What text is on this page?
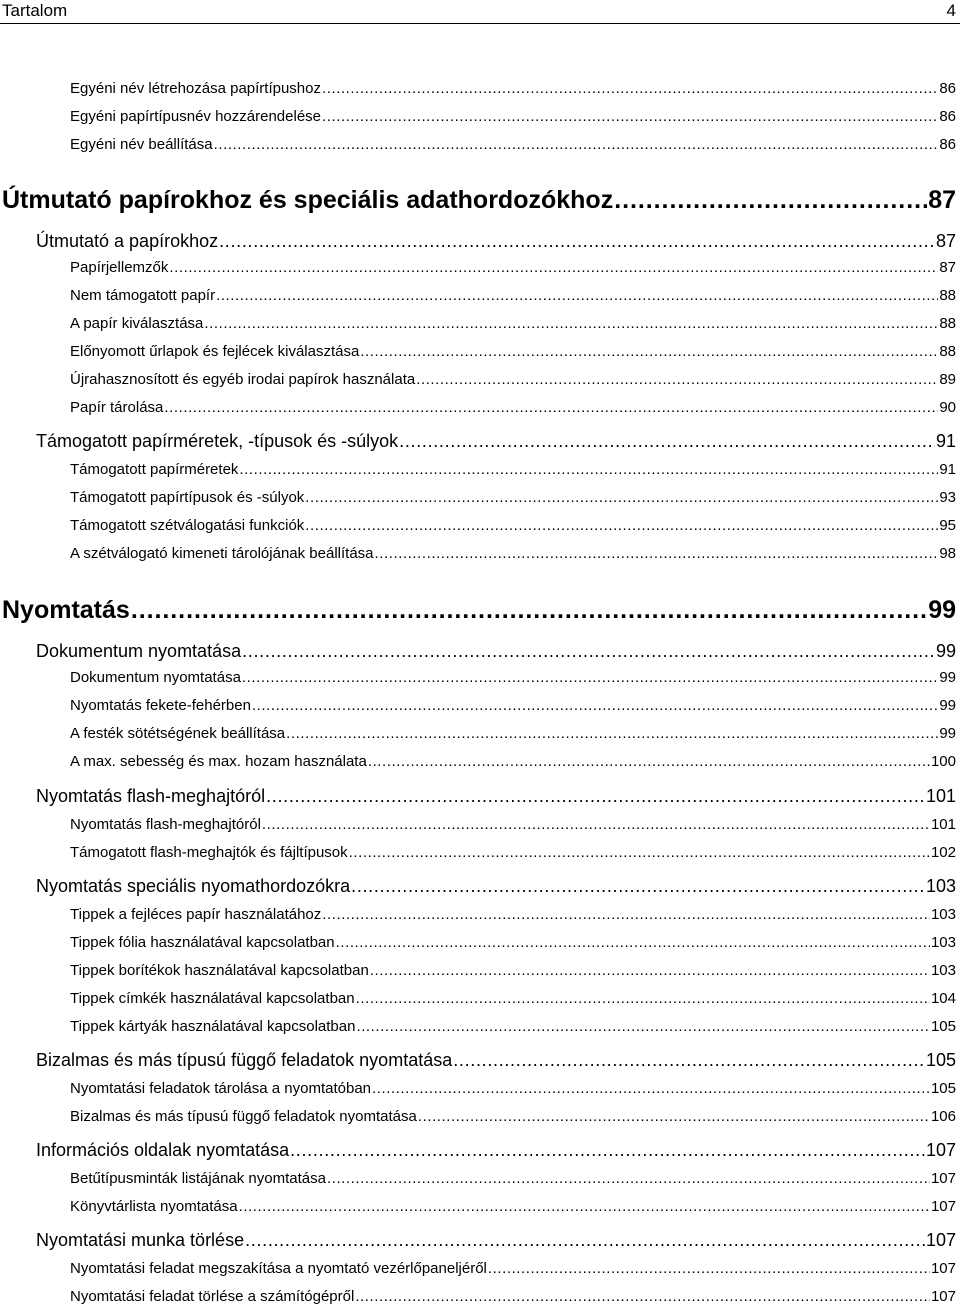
Tartalom	4
Egyéni név létrehozása papírtípushoz . . .	86
Egyéni papírtípusnév hozzárendelése . . .	86
Egyéni név beállítása . . .	86
Útmutató papírokhoz és speciális adathordozókhoz . . .	87
Útmutató a papírokhoz . . .	87
Papírjellemzők . . .	87
Nem támogatott papír . . .	88
A papír kiválasztása . . .	88
Előnyomott űrlapok és fejlécek kiválasztása . . .	88
Újrahasznosított és egyéb irodai papírok használata . . .	89
Papír tárolása . . .	90
Támogatott papírméretek, -típusok és -súlyok . . .	91
Támogatott papírméretek . . .	91
Támogatott papírtípusok és -súlyok . . .	93
Támogatott szétválogatási funkciók . . .	95
A szétválogató kimeneti tárolójának beállítása . . .	98
Nyomtatás . . .	99
Dokumentum nyomtatása . . .	99
Dokumentum nyomtatása . . .	99
Nyomtatás fekete-fehérben . . .	99
A festék sötétségének beállítása . . .	99
A max. sebesség és max. hozam használata . . .	100
Nyomtatás flash-meghajtóról . . .	101
Nyomtatás flash-meghajtóról . . .	101
Támogatott flash-meghajtók és fájltípusok . . .	102
Nyomtatás speciális nyomathordozókra . . .	103
Tippek a fejléces papír használatához . . .	103
Tippek fólia használatával kapcsolatban . . .	103
Tippek borítékok használatával kapcsolatban . . .	103
Tippek címkék használatával kapcsolatban . . .	104
Tippek kártyák használatával kapcsolatban . . .	105
Bizalmas és más típusú függő feladatok nyomtatása . . .	105
Nyomtatási feladatok tárolása a nyomtatóban . . .	105
Bizalmas és más típusú függő feladatok nyomtatása . . .	106
Információs oldalak nyomtatása . . .	107
Betűtípusminták listájának nyomtatása . . .	107
Könyvtárlista nyomtatása . . .	107
Nyomtatási munka törlése . . .	107
Nyomtatási feladat megszakítása a nyomtató vezérlőpaneljéről . . .	107
Nyomtatási feladat törlése a számítógépről . . .	107
